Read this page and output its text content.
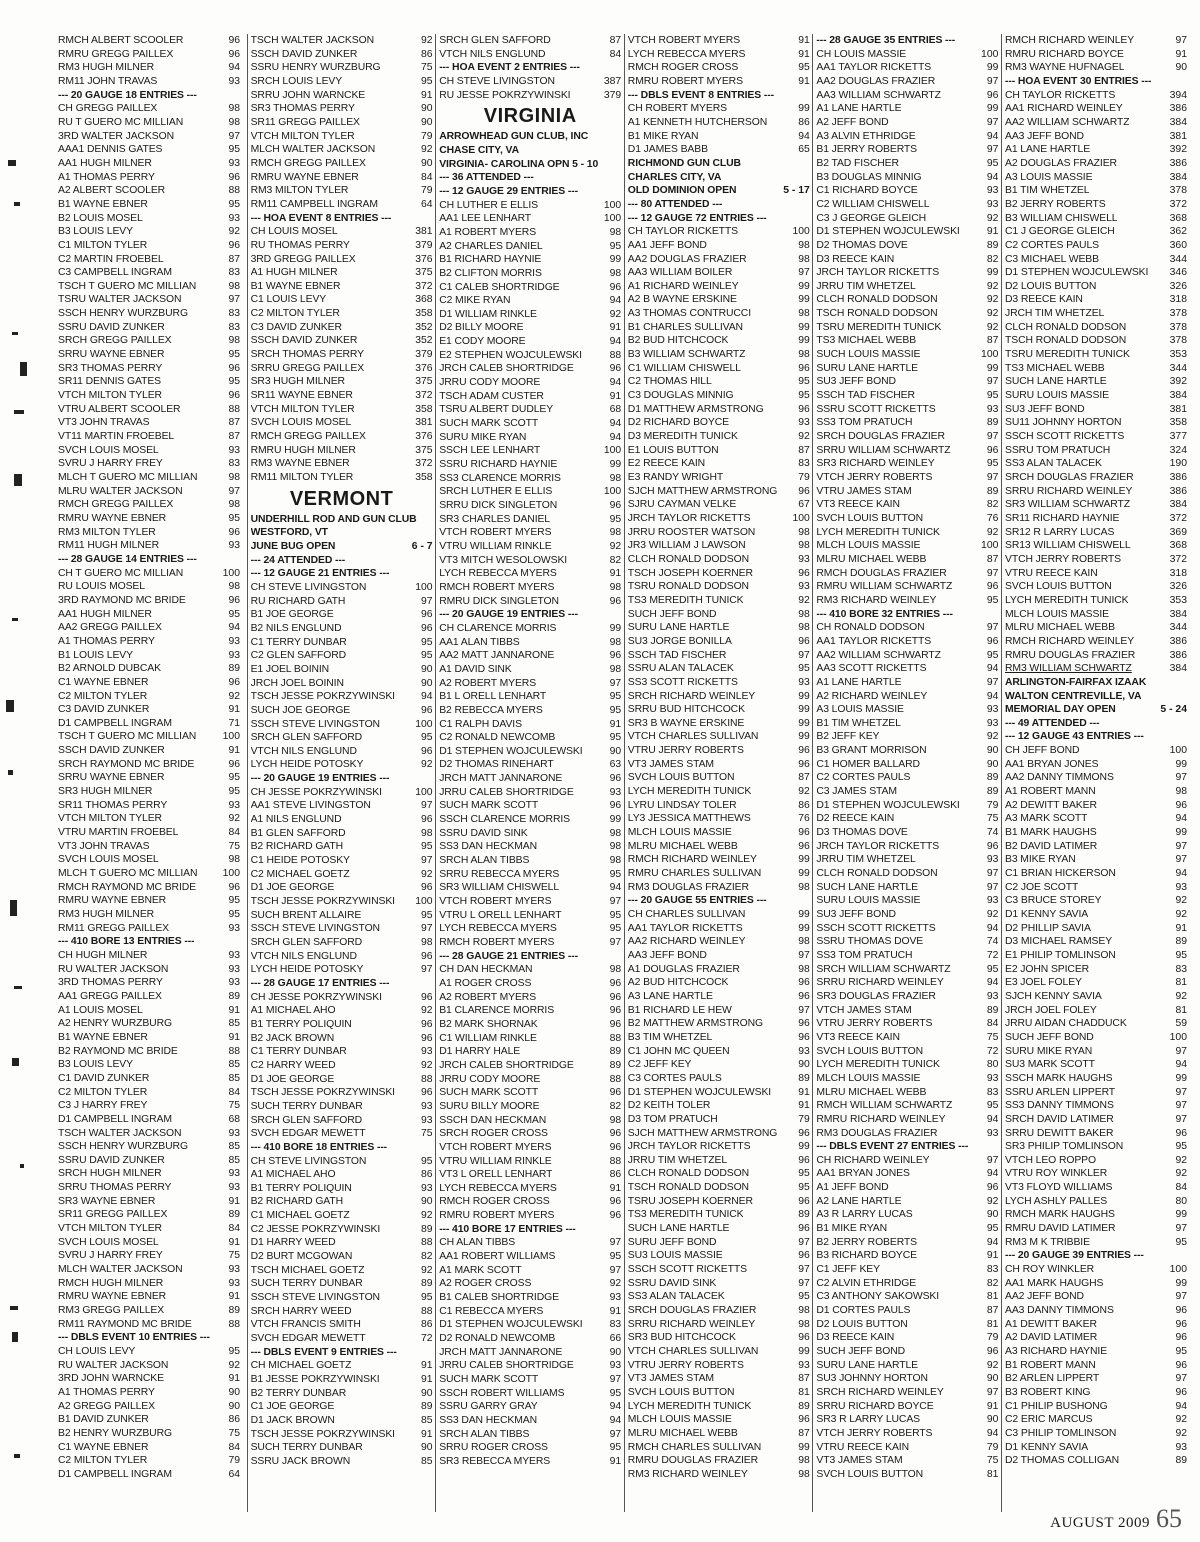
RMCH ALBERT SCOOLER	96
RMRU GREGG PAILLEX	96
RM3 HUGH MILNER	94
RM11 JOHN TRAVAS	93
--- 20 GAUGE 18 ENTRIES ---
CH GREGG PAILLEX	98
RU T GUERO MC MILLIAN	98
3RD WALTER JACKSON	97
AAA1 DENNIS GATES	95
AA1 HUGH MILNER	93
A1 THOMAS PERRY	96
A2 ALBERT SCOOLER	88
B1 WAYNE EBNER	95
B2 LOUIS MOSEL	93
B3 LOUIS LEVY	92
C1 MILTON TYLER	96
C2 MARTIN FROEBEL	87
C3 CAMPBELL INGRAM	83
TSCH T GUERO MC MILLIAN	98
TSRU WALTER JACKSON	97
SSCH HENRY WURZBURG	83
SSRU DAVID ZUNKER	83
SRCH GREGG PAILLEX	98
SRRU WAYNE EBNER	95
SR3 THOMAS PERRY	96
SR11 DENNIS GATES	95
VTCH MILTON TYLER	96
VTRU ALBERT SCOOLER	88
VT3 JOHN TRAVAS	87
VT11 MARTIN FROEBEL	87
SVCH LOUIS MOSEL	93
SVRU J HARRY FREY	83
MLCH T GUERO MC MILLIAN	98
MLRU WALTER JACKSON	97
RMCH GREGG PAILLEX	98
RMRU WAYNE EBNER	95
RM3 MILTON TYLER	96
RM11 HUGH MILNER	93
--- 28 GAUGE 14 ENTRIES ---
CH T GUERO MC MILLIAN	100
RU LOUIS MOSEL	98
3RD RAYMOND MC BRIDE	96
AA1 HUGH MILNER	95
AA2 GREGG PAILLEX	94
A1 THOMAS PERRY	93
B1 LOUIS LEVY	93
B2 ARNOLD DUBCAK	89
C1 WAYNE EBNER	96
C2 MILTON TYLER	92
C3 DAVID ZUNKER	91
D1 CAMPBELL INGRAM	71
TSCH T GUERO MC MILLIAN	100
SSCH DAVID ZUNKER	91
SRCH RAYMOND MC BRIDE	96
SRRU WAYNE EBNER	95
SR3 HUGH MILNER	95
SR11 THOMAS PERRY	93
VTCH MILTON TYLER	92
VTRU MARTIN FROEBEL	84
VT3 JOHN TRAVAS	75
SVCH LOUIS MOSEL	98
MLCH T GUERO MC MILLIAN 100
RMCH RAYMOND MC BRIDE	96
RMRU WAYNE EBNER	95
RM3 HUGH MILNER	95
RM11 GREGG PAILLEX	93
--- 410 BORE 13 ENTRIES ---
CH HUGH MILNER	93
RU WALTER JACKSON	93
3RD THOMAS PERRY	93
AA1 GREGG PAILLEX	89
A1 LOUIS MOSEL	91
A2 HENRY WURZBURG	85
B1 WAYNE EBNER	91
B2 RAYMOND MC BRIDE	88
B3 LOUIS LEVY	85
C1 DAVID ZUNKER	85
C2 MILTON TYLER	84
C3 J HARRY FREY	75
D1 CAMPBELL INGRAM	68
TSCH WALTER JACKSON	93
SSCH HENRY WURZBURG	85
SSRU DAVID ZUNKER	85
SRCH HUGH MILNER	93
SRRU THOMAS PERRY	93
SR3 WAYNE EBNER	91
SR11 GREGG PAILLEX	89
VTCH MILTON TYLER	84
SVCH LOUIS MOSEL	91
SVRU J HARRY FREY	75
MLCH WALTER JACKSON	93
RMCH HUGH MILNER	93
RMRU WAYNE EBNER	91
RM3 GREGG PAILLEX	89
RM11 RAYMOND MC BRIDE	88
--- DBLS EVENT 10 ENTRIES ---
CH LOUIS LEVY	95
RU WALTER JACKSON	92
3RD JOHN WARNCKE	91
A1 THOMAS PERRY	90
A2 GREGG PAILLEX	90
B1 DAVID ZUNKER	86
B2 HENRY WURZBURG	75
C1 WAYNE EBNER	84
C2 MILTON TYLER	79
D1 CAMPBELL INGRAM	64
TSCH WALTER JACKSON	92
SSCH DAVID ZUNKER	86
SSRU HENRY WURZBURG	75
SRCH LOUIS LEVY	95
SRRU JOHN WARNCKE	91
SR3 THOMAS PERRY	90
SR11 GREGG PAILLEX	90
VTCH MILTON TYLER	79
MLCH WALTER JACKSON	92
RMCH GREGG PAILLEX	90
RMRU WAYNE EBNER	84
RM3 MILTON TYLER	79
RM11 CAMPBELL INGRAM	64
--- HOA EVENT 8 ENTRIES ---
CH LOUIS MOSEL	381
RU THOMAS PERRY	379
3RD GREGG PAILLEX	376
A1 HUGH MILNER	375
B1 WAYNE EBNER	372
C1 LOUIS LEVY	368
C2 MILTON TYLER	358
C3 DAVID ZUNKER	352
SSCH DAVID ZUNKER	352
SRCH THOMAS PERRY	379
SRRU GREGG PAILLEX	376
SR3 HUGH MILNER	375
SR11 WAYNE EBNER	372
VTCH MILTON TYLER	358
SVCH LOUIS MOSEL	381
RMCH GREGG PAILLEX	376
RMRU HUGH MILNER	375
RM3 WAYNE EBNER	372
RM11 MILTON TYLER	358
VERMONT
UNDERHILL ROD AND GUN CLUB
WESTFORD, VT
JUNE BUG OPEN	6 - 7
--- 24 ATTENDED ---
--- 12 GAUGE 21 ENTRIES ---
CH STEVE LIVINGSTON	100
RU RICHARD GATH	97
B1 JOE GEORGE	96
B2 NILS ENGLUND	96
C1 TERRY DUNBAR	95
C2 GLEN SAFFORD	95
E1 JOEL BOININ	90
JRCH JOEL BOININ	90
TSCH JESSE POKRZYWINSKI	94
SUCH JOE GEORGE	96
SSCH STEVE LIVINGSTON	100
SRCH GLEN SAFFORD	95
VTCH NILS ENGLUND	96
LYCH HEIDE POTOSKY	92
--- 20 GAUGE 19 ENTRIES ---
CH JESSE POKRZYWINSKI	100
AA1 STEVE LIVINGSTON	97
A1 NILS ENGLUND	96
B1 GLEN SAFFORD	98
B2 RICHARD GATH	95
C1 HEIDE POTOSKY	97
C2 MICHAEL GOETZ	92
D1 JOE GEORGE	96
TSCH JESSE POKRZYWINSKI 100
SUCH BRENT ALLAIRE	95
SSCH STEVE LIVINGSTON	97
SRCH GLEN SAFFORD	98
VTCH NILS ENGLUND	96
LYCH HEIDE POTOSKY	97
--- 28 GAUGE 17 ENTRIES ---
CH JESSE POKRZYWINSKI	96
A1 MICHAEL AHO	92
B1 TERRY POLIQUIN	96
B2 JACK BROWN	96
C1 TERRY DUNBAR	93
C2 HARRY WEED	92
D1 JOE GEORGE	88
TSCH JESSE POKRZYWINSKI	96
SUCH TERRY DUNBAR	93
SRCH GLEN SAFFORD	93
SVCH EDGAR MEWETT	75
--- 410 BORE 18 ENTRIES ---
CH STEVE LIVINGSTON	95
A1 MICHAEL AHO	86
B1 TERRY POLIQUIN	93
B2 RICHARD GATH	90
C1 MICHAEL GOETZ	92
C2 JESSE POKRZYWINSKI	89
D1 HARRY WEED	88
D2 BURT MCGOWAN	82
TSCH MICHAEL GOETZ	92
SUCH TERRY DUNBAR	89
SSCH STEVE LIVINGSTON	95
SRCH HARRY WEED	88
VTCH FRANCIS SMITH	86
SVCH EDGAR MEWETT	72
--- DBLS EVENT 9 ENTRIES ---
CH MICHAEL GOETZ	91
B1 JESSE POKRZYWINSKI	91
B2 TERRY DUNBAR	90
C1 JOE GEORGE	89
D1 JACK BROWN	85
TSCH JESSE POKRZYWINSKI	91
SUCH TERRY DUNBAR	90
SSRU JACK BROWN	85
SRCH GLEN SAFFORD	87
VTCH NILS ENGLUND	84
--- HOA EVENT 2 ENTRIES ---
CH STEVE LIVINGSTON	387
RU JESSE POKRZYWINSKI	379
VIRGINIA
ARROWHEAD GUN CLUB, INC
CHASE CITY, VA
VIRGINIA- CAROLINA OPN 5 - 10
--- 36 ATTENDED ---
--- 12 GAUGE 29 ENTRIES ---
CH LUTHER E ELLIS	100
AA1 LEE LENHART	100
A1 ROBERT MYERS	98
A2 CHARLES DANIEL	95
B1 RICHARD HAYNIE	99
B2 CLIFTON MORRIS	98
C1 CALEB SHORTRIDGE	96
C2 MIKE RYAN	94
D1 WILLIAM RINKLE	92
D2 BILLY MOORE	91
E1 CODY MOORE	94
E2 STEPHEN WOJCULEWSKI	88
JRCH CALEB SHORTRIDGE	96
JRRU CODY MOORE	94
TSCH ADAM CUSTER	91
TSRU ALBERT DUDLEY	68
SUCH MARK SCOTT	94
SURU MIKE RYAN	94
SSCH LEE LENHART	100
SSRU RICHARD HAYNIE	99
SS3 CLARENCE MORRIS	98
SRCH LUTHER E ELLIS	100
SRRU DICK SINGLETON	96
SR3 CHARLES DANIEL	95
VTCH ROBERT MYERS	98
VTRU WILLIAM RINKLE	92
VT3 MITCH WESOLOWSKI	82
LYCH REBECCA MYERS	91
RMCH ROBERT MYERS	98
RMRU DICK SINGLETON	96
--- 20 GAUGE 19 ENTRIES ---
CH CLARENCE MORRIS	99
AA1 ALAN TIBBS	98
AA2 MATT JANNARONE	96
A1 DAVID SINK	98
A2 ROBERT MYERS	97
B1 L ORELL LENHART	95
B2 REBECCA MYERS	95
C1 RALPH DAVIS	91
C2 RONALD NEWCOMB	95
D1 STEPHEN WOJCULEWSKI	90
D2 THOMAS RINEHART	63
JRCH MATT JANNARONE	96
JRRU CALEB SHORTRIDGE	93
SUCH MARK SCOTT	96
SSCH CLARENCE MORRIS	99
SSRU DAVID SINK	98
SS3 DAN HECKMAN	98
SRCH ALAN TIBBS	98
SRRU REBECCA MYERS	95
SR3 WILLIAM CHISWELL	94
VTCH ROBERT MYERS	97
VTRU L ORELL LENHART	95
LYCH REBECCA MYERS	95
RMCH ROBERT MYERS	97
--- 28 GAUGE 21 ENTRIES ---
CH DAN HECKMAN	98
A1 ROGER CROSS	96
A2 ROBERT MYERS	96
B1 CLARENCE MORRIS	96
B2 MARK SHORNAK	96
C1 WILLIAM RINKLE	88
D1 HARRY HALE	89
JRCH CALEB SHORTRIDGE	89
JRRU CODY MOORE	88
SUCH MARK SCOTT	96
SURU BILLY MOORE	82
SSCH DAN HECKMAN	98
SRCH ROGER CROSS	96
VTCH ROBERT MYERS	96
VTRU WILLIAM RINKLE	88
VT3 L ORELL LENHART	86
LYCH REBECCA MYERS	91
RMCH ROGER CROSS	96
RMRU ROBERT MYERS	96
--- 410 BORE 17 ENTRIES ---
CH ALAN TIBBS	97
AA1 ROBERT WILLIAMS	95
A1 MARK SCOTT	97
A2 ROGER CROSS	92
B1 CALEB SHORTRIDGE	93
C1 REBECCA MYERS	91
D1 STEPHEN WOJCULEWSKI	83
D2 RONALD NEWCOMB	66
JRCH MATT JANNARONE	90
JRRU CALEB SHORTRIDGE	93
SUCH MARK SCOTT	97
SSCH ROBERT WILLIAMS	95
SSRU GARRY GRAY	94
SS3 DAN HECKMAN	94
SRCH ALAN TIBBS	97
SRRU ROGER CROSS	95
SR3 REBECCA MYERS	91
VTCH ROBERT MYERS	91
LYCH REBECCA MYERS	91
RMCH ROGER CROSS	95
RMRU ROBERT MYERS	91
--- DBLS EVENT 8 ENTRIES ---
CH ROBERT MYERS	99
A1 KENNETH HUTCHERSON	86
B1 MIKE RYAN	94
D1 JAMES BABB	65
RICHMOND GUN CLUB
CHARLES CITY, VA
OLD DOMINION OPEN	5 - 17
--- 80 ATTENDED ---
--- 12 GAUGE 72 ENTRIES ---
CH TAYLOR RICKETTS	100
AA1 JEFF BOND	98
AA2 DOUGLAS FRAZIER	98
AA3 WILLIAM BOILER	97
A1 RICHARD WEINLEY	99
A2 B WAYNE ERSKINE	99
A3 THOMAS CONTRUCCI	98
B1 CHARLES SULLIVAN	99
B2 BUD HITCHCOCK	99
B3 WILLIAM SCHWARTZ	98
C1 WILLIAM CHISWELL	96
C2 THOMAS HILL	95
C3 DOUGLAS MINNIG	95
D1 MATTHEW ARMSTRONG	96
D2 RICHARD BOYCE	93
D3 MEREDITH TUNICK	92
E1 LOUIS BUTTON	87
E2 REECE KAIN	83
E3 RANDY WRIGHT	79
SJCH MATTHEW ARMSTRONG 96
SJRU CAYMAN VELKE	67
JRCH TAYLOR RICKETTS	100
JRRU ROOSTER WATSON	98
JR3 WILLIAM J LAWSON	98
CLCH RONALD DODSON	93
TSCH JOSEPH KOERNER	96
TSRU RONALD DODSON	93
TS3 MEREDITH TUNICK	92
SUCH JEFF BOND	98
SURU LANE HARTLE	98
SU3 JORGE BONILLA	96
SSCH TAD FISCHER	97
SSRU ALAN TALACEK	95
SS3 SCOTT RICKETTS	93
SRCH RICHARD WEINLEY	99
SRRU BUD HITCHCOCK	99
SR3 B WAYNE ERSKINE	99
VTCH CHARLES SULLIVAN	99
VTRU JERRY ROBERTS	96
VT3 JAMES STAM	96
SVCH LOUIS BUTTON	87
LYCH MEREDITH TUNICK	92
LYRU LINDSAY TOLER	86
LY3 JESSICA MATTHEWS	76
MLCH LOUIS MASSIE	96
MLRU MICHAEL WEBB	96
RMCH RICHARD WEINLEY	99
RMRU CHARLES SULLIVAN	99
RM3 DOUGLAS FRAZIER	98
--- 20 GAUGE 55 ENTRIES ---
CH CHARLES SULLIVAN	99
AA1 TAYLOR RICKETTS	99
AA2 RICHARD WEINLEY	98
AA3 JEFF BOND	97
A1 DOUGLAS FRAZIER	98
A2 BUD HITCHCOCK	96
A3 LANE HARTLE	96
B1 RICHARD LE HEW	97
B2 MATTHEW ARMSTRONG	96
B3 TIM WHETZEL	96
C1 JOHN MC QUEEN	93
C2 JEFF KEY	90
C3 CORTES PAULS	89
D1 STEPHEN WOJCULEWSKI	91
D2 KEITH TOLER	91
D3 TOM PRATUCH	79
SJCH MATTHEW ARMSTRONG 96
JRCH TAYLOR RICKETTS	99
JRRU TIM WHETZEL	96
CLCH RONALD DODSON	95
TSCH RONALD DODSON	95
TSRU JOSEPH KOERNER	96
TS3 MEREDITH TUNICK	89
SUCH LANE HARTLE	96
SURU JEFF BOND	97
SU3 LOUIS MASSIE	96
SSCH SCOTT RICKETTS	97
SSRU DAVID SINK	97
SS3 ALAN TALACEK	95
SRCH DOUGLAS FRAZIER	98
SRRU RICHARD WEINLEY	98
SR3 BUD HITCHCOCK	96
VTCH CHARLES SULLIVAN	99
VTRU JERRY ROBERTS	93
VT3 JAMES STAM	87
SVCH LOUIS BUTTON	81
LYCH MEREDITH TUNICK	89
MLCH LOUIS MASSIE	96
MLRU MICHAEL WEBB	87
RMCH CHARLES SULLIVAN	99
RMRU DOUGLAS FRAZIER	98
RM3 RICHARD WEINLEY	98
--- 28 GAUGE 35 ENTRIES ---
CH LOUIS MASSIE	100
AA1 TAYLOR RICKETTS	99
AA2 DOUGLAS FRAZIER	97
AA3 WILLIAM SCHWARTZ	96
A1 LANE HARTLE	99
A2 JEFF BOND	97
A3 ALVIN ETHRIDGE	94
B1 JERRY ROBERTS	97
B2 TAD FISCHER	95
B3 DOUGLAS MINNIG	94
C1 RICHARD BOYCE	93
C2 WILLIAM CHISWELL	93
C3 J GEORGE GLEICH	92
D1 STEPHEN WOJCULEWSKI	91
D2 THOMAS DOVE	89
D3 REECE KAIN	82
JRCH TAYLOR RICKETTS	99
JRRU TIM WHETZEL	92
CLCH RONALD DODSON	92
TSCH RONALD DODSON	92
TSRU MEREDITH TUNICK	92
TS3 MICHAEL WEBB	87
SUCH LOUIS MASSIE	100
SURU LANE HARTLE	99
SU3 JEFF BOND	97
SSCH TAD FISCHER	95
SSRU SCOTT RICKETTS	93
SS3 TOM PRATUCH	89
SRCH DOUGLAS FRAZIER	97
SRRU WILLIAM SCHWARTZ	96
SR3 RICHARD WEINLEY	95
VTCH JERRY ROBERTS	97
VTRU JAMES STAM	89
VT3 REECE KAIN	82
SVCH LOUIS BUTTON	76
LYCH MEREDITH TUNICK	92
MLCH LOUIS MASSIE	100
MLRU MICHAEL WEBB	87
RMCH DOUGLAS FRAZIER	97
RMRU WILLIAM SCHWARTZ	96
RM3 RICHARD WEINLEY	95
--- 410 BORE 32 ENTRIES ---
CH RONALD DODSON	97
AA1 TAYLOR RICKETTS	96
AA2 WILLIAM SCHWARTZ	95
AA3 SCOTT RICKETTS	94
A1 LANE HARTLE	97
A2 RICHARD WEINLEY	94
A3 LOUIS MASSIE	93
B1 TIM WHETZEL	93
B2 JEFF KEY	92
B3 GRANT MORRISON	90
C1 HOMER BALLARD	90
C2 CORTES PAULS	89
C3 JAMES STAM	89
D1 STEPHEN WOJCULEWSKI	79
D2 REECE KAIN	75
D3 THOMAS DOVE	74
JRCH TAYLOR RICKETTS	96
JRRU TIM WHETZEL	93
CLCH RONALD DODSON	97
SUCH LANE HARTLE	97
SURU LOUIS MASSIE	93
SU3 JEFF BOND	92
SSCH SCOTT RICKETTS	94
SSRU THOMAS DOVE	74
SS3 TOM PRATUCH	72
SRCH WILLIAM SCHWARTZ	95
SRRU RICHARD WEINLEY	94
SR3 DOUGLAS FRAZIER	93
VTCH JAMES STAM	89
VTRU JERRY ROBERTS	84
VT3 REECE KAIN	75
SVCH LOUIS BUTTON	72
LYCH MEREDITH TUNICK	80
MLCH LOUIS MASSIE	93
MLRU MICHAEL WEBB	83
RMCH WILLIAM SCHWARTZ	95
RMRU RICHARD WEINLEY	94
RM3 DOUGLAS FRAZIER	93
--- DBLS EVENT 27 ENTRIES ---
CH RICHARD WEINLEY	97
AA1 BRYAN JONES	94
A1 JEFF BOND	96
A2 LANE HARTLE	92
A3 R LARRY LUCAS	90
B1 MIKE RYAN	95
B2 JERRY ROBERTS	94
B3 RICHARD BOYCE	91
C1 JEFF KEY	83
C2 ALVIN ETHRIDGE	82
C3 ANTHONY SAKOWSKI	81
D1 CORTES PAULS	87
D2 LOUIS BUTTON	81
D3 REECE KAIN	79
SUCH JEFF BOND	96
SURU LANE HARTLE	92
SU3 JOHNNY HORTON	90
SRCH RICHARD WEINLEY	97
SRRU RICHARD BOYCE	91
SR3 R LARRY LUCAS	90
VTCH JERRY ROBERTS	94
VTRU REECE KAIN	79
VT3 JAMES STAM	75
SVCH LOUIS BUTTON	81
RMCH RICHARD WEINLEY	97
RMRU RICHARD BOYCE	91
RM3 WAYNE HUFNAGEL	90
--- HOA EVENT 30 ENTRIES ---
CH TAYLOR RICKETTS	394
AA1 RICHARD WEINLEY	386
AA2 WILLIAM SCHWARTZ	384
AA3 JEFF BOND	381
A1 LANE HARTLE	392
A2 DOUGLAS FRAZIER	386
A3 LOUIS MASSIE	384
B1 TIM WHETZEL	378
B2 JERRY ROBERTS	372
B3 WILLIAM CHISWELL	368
C1 J GEORGE GLEICH	362
C2 CORTES PAULS	360
C3 MICHAEL WEBB	344
D1 STEPHEN WOJCULEWSKI 346
D2 LOUIS BUTTON	326
D3 REECE KAIN	318
JRCH TIM WHETZEL	378
CLCH RONALD DODSON	378
TSCH RONALD DODSON	378
TSRU MEREDITH TUNICK	353
TS3 MICHAEL WEBB	344
SUCH LANE HARTLE	392
SURU LOUIS MASSIE	384
SU3 JEFF BOND	381
SU11 JOHNNY HORTON	358
SSCH SCOTT RICKETTS	377
SSRU TOM PRATUCH	324
SS3 ALAN TALACEK	190
SRCH DOUGLAS FRAZIER	386
SRRU RICHARD WEINLEY	386
SR3 WILLIAM SCHWARTZ	384
SR11 RICHARD HAYNIE	372
SR12 R LARRY LUCAS	369
SR13 WILLIAM CHISWELL	368
VTCH JERRY ROBERTS	372
VTRU REECE KAIN	318
SVCH LOUIS BUTTON	326
LYCH MEREDITH TUNICK	353
MLCH LOUIS MASSIE	384
MLRU MICHAEL WEBB	344
RMCH RICHARD WEINLEY	386
RMRU DOUGLAS FRAZIER	386
RM3 WILLIAM SCHWARTZ	384
ARLINGTON-FAIRFAX IZAAK
WALTON CENTREVILLE, VA
MEMORIAL DAY OPEN	5 - 24
--- 49 ATTENDED ---
--- 12 GAUGE 43 ENTRIES ---
CH JEFF BOND	100
AA1 BRYAN JONES	99
AA2 DANNY TIMMONS	97
A1 ROBERT MANN	98
A2 DEWITT BAKER	96
A3 MARK SCOTT	94
B1 MARK HAUGHS	99
B2 DAVID LATIMER	97
B3 MIKE RYAN	97
C1 BRIAN HICKERSON	94
C2 JOE SCOTT	93
C3 BRUCE STOREY	92
D1 KENNY SAVIA	92
D2 PHILLIP SAVIA	91
D3 MICHAEL RAMSEY	89
E1 PHILIP TOMLINSON	95
E2 JOHN SPICER	83
E3 JOEL FOLEY	81
SJCH KENNY SAVIA	92
JRCH JOEL FOLEY	81
JRRU AIDAN CHADDUCK	59
SUCH JEFF BOND	100
SURU MIKE RYAN	97
SU3 MARK SCOTT	94
SSCH MARK HAUGHS	99
SSRU ARLEN LIPPERT	97
SS3 DANNY TIMMONS	97
SRCH DAVID LATIMER	97
SRRU DEWITT BAKER	96
SR3 PHILIP TOMLINSON	95
VTCH LEO ROPPO	92
VTRU ROY WINKLER	92
VT3 FLOYD WILLIAMS	84
LYCH ASHLY PALLES	80
RMCH MARK HAUGHS	99
RMRU DAVID LATIMER	97
RM3 M K TRIBBIE	95
--- 20 GAUGE 39 ENTRIES ---
CH ROY WINKLER	100
AA1 MARK HAUGHS	99
AA2 JEFF BOND	97
AA3 DANNY TIMMONS	96
A1 DEWITT BAKER	96
A2 DAVID LATIMER	96
A3 RICHARD HAYNIE	95
B1 ROBERT MANN	96
B2 ARLEN LIPPERT	97
B3 ROBERT KING	96
C1 PHILIP BUSHONG	94
C2 ERIC MARCUS	92
C3 PHILIP TOMLINSON	92
D1 KENNY SAVIA	93
D2 THOMAS COLLIGAN	89
AUGUST 2009 65
